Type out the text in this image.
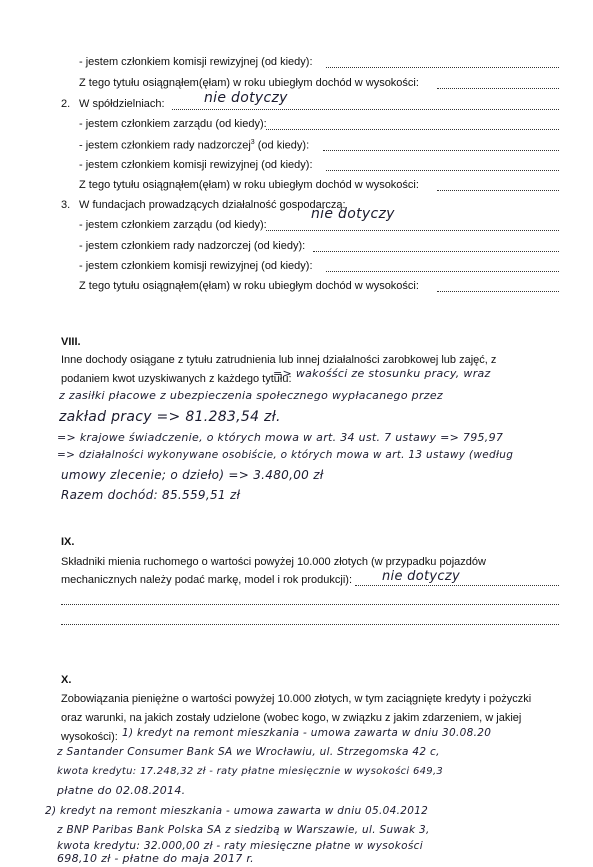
- jestem członkiem komisji rewizyjnej (od kiedy):
Z tego tytułu osiągnąłem(ęłam) w roku ubiegłym dochód w wysokości:
2. W spółdzielniach:	nie dotyczy
- jestem członkiem zarządu (od kiedy):
- jestem członkiem rady nadzorczej$^3$ (od kiedy):
- jestem członkiem komisji rewizyjnej (od kiedy):
Z tego tytułu osiągnąłem(ęłam) w roku ubiegłym dochód w wysokości:
3. W fundacjach prowadzących działalność gospodarczą:
- jestem członkiem zarządu (od kiedy):
nie dotyczy
- jestem członkiem rady nadzorczej (od kiedy):
- jestem członkiem komisji rewizyjnej (od kiedy):
Z tego tytułu osiągnąłem(ęłam) w roku ubiegłym dochód w wysokości:
VIII.
Inne dochody osiągane z tytułu zatrudnienia lub innej działalności zarobkowej lub zajęć, z
podaniem kwot uzyskiwanych z każdego tytułu:
=> wakośści ze stosunku pracy, wraz
z zasiłki płacowe z ubezpieczenia społecznego wypłacanego przez
zakład pracy => 81.283,54 zł.
=> krajowe świadczenie, o których mowa w art. 34 ust. 7 ustawy => 795,97
=> działalności wykonywane osobiście, o których mowa w art. 13 ustawy (według
umowy zlecenie; o dzieło) => 3.480,00 zł
Razem dochód: 85.559,51 zł
IX.
Składniki mienia ruchomego o wartości powyżej 10.000 złotych (w przypadku pojazdów
mechanicznych należy podać markę, model i rok produkcji): nie dotyczy
X.
Zobowiązania pieniężne o wartości powyżej 10.000 złotych, w tym zaciągnięte kredyty i pożyczki
oraz warunki, na jakich zostały udzielone (wobec kogo, w związku z jakim zdarzeniem, w jakiej
wysokości): 1) kredyt na remont mieszkania - umowa zawarta w dniu 30.08.20
z Santander Consumer Bank SA we Wrocławiu, ul. Strzegomska 42 c,
kwota kredytu: 17.248,32 zł - raty płatne miesięcznie w wysokości 649,3
płatne do 02.08.2014.
2) kredyt na remont mieszkania - umowa zawarta w dniu 05.04.2012
z BNP Paribas Bank Polska SA z siedzibą w Warszawie, ul. Suwak 3,
kwota kredytu: 32.000,00 zł - raty miesięczne płatne w wysokości
698,10 zł - płatne do maja 2017 r.
